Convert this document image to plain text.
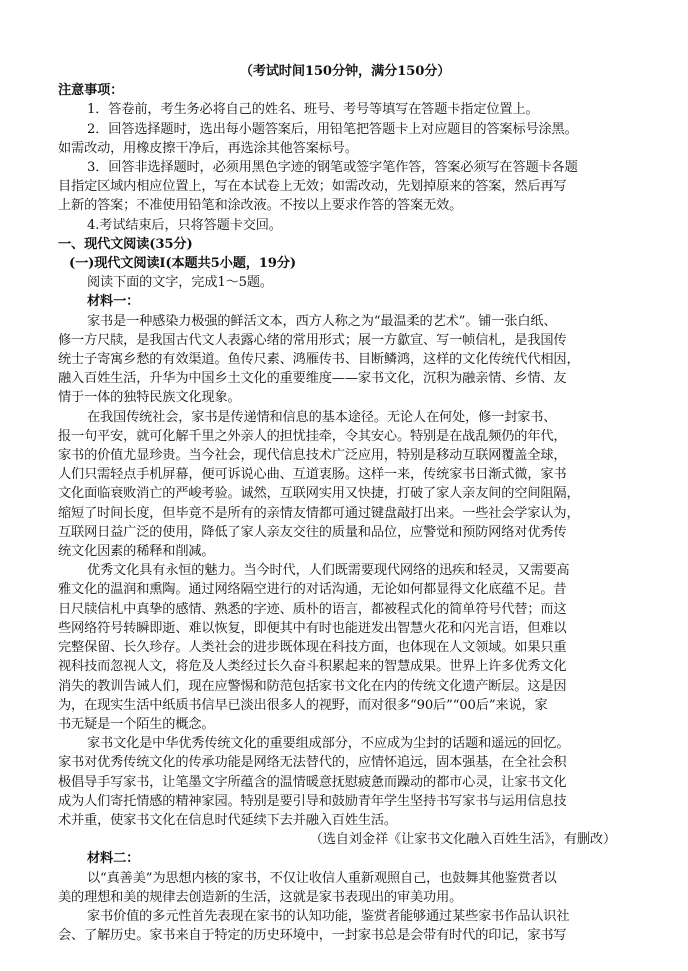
（考试时间150分钟，满分150分）
注意事项：
1．答卷前，考生务必将自己的姓名、班号、考号等填写在答题卡指定位置上。
2．回答选择题时，选出每小题答案后，用铅笔把答题卡上对应题目的答案标号涂黑。
如需改动，用橡皮擦干净后，再选涂其他答案标号。
3．回答非选择题时，必须用黑色字迹的钢笔或签字笔作答，答案必须写在答题卡各题
目指定区域内相应位置上，写在本试卷上无效；如需改动，先划掉原来的答案，然后再写
上新的答案；不准使用铅笔和涂改液。不按以上要求作答的答案无效。
4.考试结束后，只将答题卡交回。
一、现代文阅读(35分)
(一)现代文阅读Ⅰ(本题共5小题，19分)
阅读下面的文字，完成1～5题。
材料一：
家书是一种感染力极强的鲜活文本，西方人称之为“最温柔的艺术”。铺一张白纸、
修一方尺牍，是我国古代文人表露心绪的常用形式；展一方歙宣、写一帧信札，是我国传
统士子寄寓乡愁的有效渠道。鱼传尺素、鸿雁传书、目断鳞鸿，这样的文化传统代代相因，
融入百姓生活，升华为中国乡土文化的重要维度——家书文化，沉积为融亲情、乡情、友
情于一体的独特民族文化现象。
在我国传统社会，家书是传递情和信息的基本途径。无论人在何处，修一封家书、
报一句平安，就可化解千里之外亲人的担忧挂牵，令其安心。特别是在战乱频仍的年代，
家书的价值尤显珍贵。当今社会，现代信息技术广泛应用，特别是移动互联网覆盖全球，
人们只需轻点手机屏幕，便可诉说心曲、互道衷肠。这样一来，传统家书日渐式微，家书
文化面临衰败消亡的严峻考验。诚然，互联网实用又快捷，打破了家人亲友间的空间阻隔，
缩短了时间长度，但毕竟不是所有的亲情友情都可通过键盘敲打出来。一些社会学家认为，
互联网日益广泛的使用，降低了家人亲友交往的质量和品位，应警觉和预防网络对优秀传
统文化因素的稀释和削减。
优秀文化具有永恒的魅力。当今时代，人们既需要现代网络的迅疾和轻灵，又需要高
雅文化的温润和熏陶。通过网络隔空进行的对话沟通，无论如何都显得文化底蕴不足。昔
日尺牍信札中真挚的感情、熟悉的字迹、质朴的语言，都被程式化的简单符号代替；而这
些网络符号转瞬即逝、难以恢复，即便其中有时也能迸发出智慧火花和闪光言语，但难以
完整保留、长久珍存。人类社会的进步既体现在科技方面，也体现在人文领域。如果只重
视科技而忽视人文，将危及人类经过长久奋斗积累起来的智慧成果。世界上许多优秀文化
消失的教训告诫人们，现在应警惕和防范包括家书文化在内的传统文化遗产断层。这是因
为，在现实生活中纸质书信早已淡出很多人的视野，而对很多“90后”“00后”来说，家
书无疑是一个陌生的概念。
家书文化是中华优秀传统文化的重要组成部分，不应成为尘封的话题和遥远的回忆。
家书对优秀传统文化的传承功能是网络无法替代的，应情怀追远，固本强基，在全社会积
极倡导手写家书，让笔墨文字所蕴含的温情暖意抚慰疲惫而躁动的都市心灵，让家书文化
成为人们寄托情感的精神家园。特别是要引导和鼓励青年学生坚持书写家书与运用信息技
术并重，使家书文化在信息时代延续下去并融入百姓生活。
（选自刘金祥《让家书文化融入百姓生活》，有删改）
材料二：
以“真善美”为思想内核的家书，不仅让收信人重新观照自己，也鼓舞其他鉴赏者以
美的理想和美的规律去创造新的生活，这就是家书表现出的审美功用。
家书价值的多元性首先表现在家书的认知功能，鉴赏者能够通过某些家书作品认识社
会、了解历史。家书来自于特定的历史环境中，一封家书总是会带有时代的印记，家书写
